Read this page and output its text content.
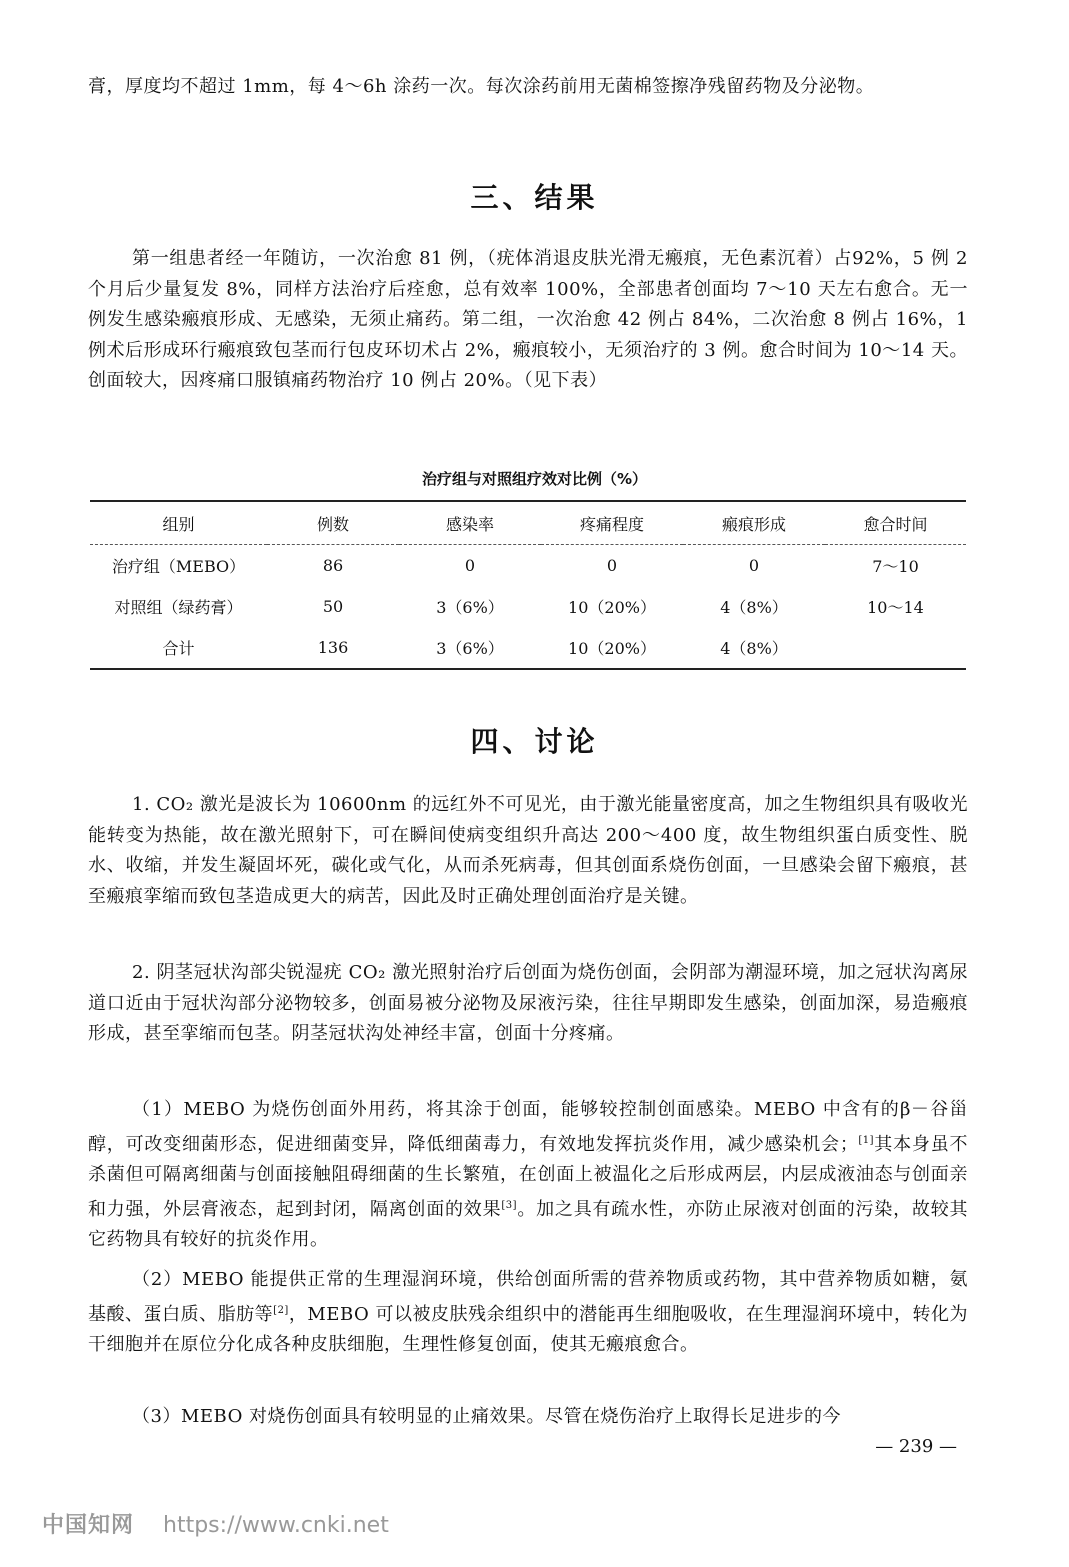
膏，厚度均不超过 1mm，每 4～6h 涂药一次。每次涂药前用无菌棉签擦净残留药物及分泌物。
三、结果
第一组患者经一年随访，一次治愈 81 例，（疣体消退皮肤光滑无瘢痕，无色素沉着）占92%，5 例 2 个月后少量复发 8%，同样方法治疗后痊愈，总有效率 100%，全部患者创面均 7～10 天左右愈合。无一例发生感染瘢痕形成、无感染，无须止痛药。第二组，一次治愈 42 例占 84%，二次治愈 8 例占 16%，1 例术后形成环行瘢痕致包茎而行包皮环切术占 2%，瘢痕较小，无须治疗的 3 例。愈合时间为 10～14 天。创面较大，因疼痛口服镇痛药物治疗 10 例占 20%。（见下表）
治疗组与对照组疗效对比例（%）
组别	例数	感染率	疼痛程度	瘢痕形成	愈合时间
治疗组（MEBO）	86	0	0	0	7～10
对照组（绿药膏）	50	3（6%）	10（20%）	4（8%）	10～14
合计	136	3（6%）	10（20%）	4（8%）	
四、讨论
1. CO₂ 激光是波长为 10600nm 的远红外不可见光，由于激光能量密度高，加之生物组织具有吸收光能转变为热能，故在激光照射下，可在瞬间使病变组织升高达 200～400 度，故生物组织蛋白质变性、脱水、收缩，并发生凝固坏死，碳化或气化，从而杀死病毒，但其创面系烧伤创面，一旦感染会留下瘢痕，甚至瘢痕挛缩而致包茎造成更大的病苦，因此及时正确处理创面治疗是关键。
2. 阴茎冠状沟部尖锐湿疣 CO₂ 激光照射治疗后创面为烧伤创面，会阴部为潮湿环境，加之冠状沟离尿道口近由于冠状沟部分泌物较多，创面易被分泌物及尿液污染，往往早期即发生感染，创面加深，易造瘢痕形成，甚至挛缩而包茎。阴茎冠状沟处神经丰富，创面十分疼痛。
（1）MEBO 为烧伤创面外用药，将其涂于创面，能够较控制创面感染。MEBO 中含有的β－谷甾醇，可改变细菌形态，促进细菌变异，降低细菌毒力，有效地发挥抗炎作用，减少感染机会；[1]其本身虽不杀菌但可隔离细菌与创面接触阻碍细菌的生长繁殖，在创面上被温化之后形成两层，内层成液油态与创面亲和力强，外层膏液态，起到封闭，隔离创面的效果[3]。加之具有疏水性，亦防止尿液对创面的污染，故较其它药物具有较好的抗炎作用。
（2）MEBO 能提供正常的生理湿润环境，供给创面所需的营养物质或药物，其中营养物质如糖，氨基酸、蛋白质、脂肪等[2]，MEBO 可以被皮肤残余组织中的潜能再生细胞吸收，在生理湿润环境中，转化为干细胞并在原位分化成各种皮肤细胞，生理性修复创面，使其无瘢痕愈合。
（3）MEBO 对烧伤创面具有较明显的止痛效果。尽管在烧伤治疗上取得长足进步的今
— 239 —
中国知网 https://www.cnki.net
